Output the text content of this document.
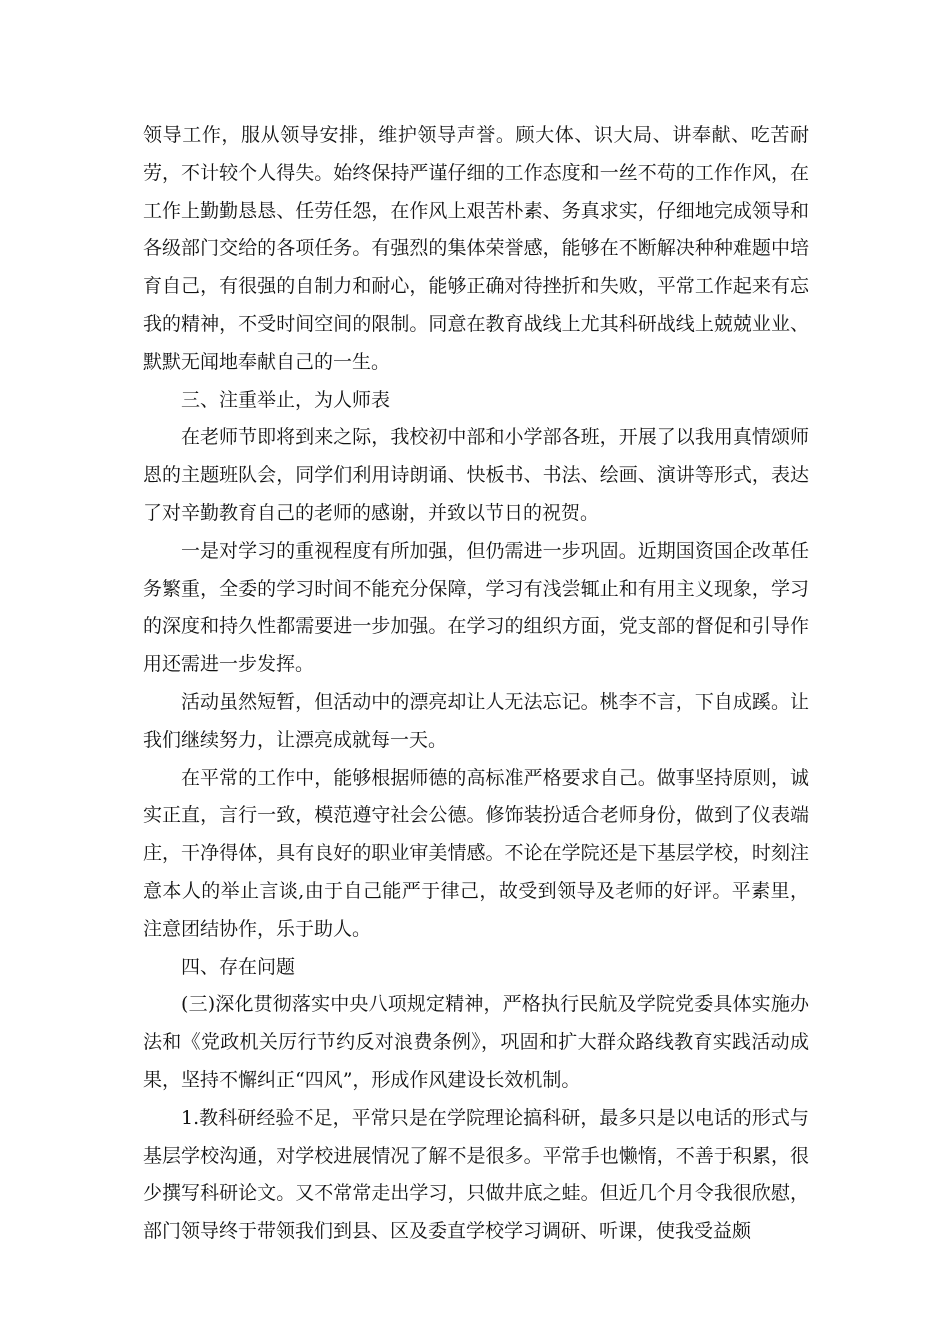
领导工作，服从领导安排，维护领导声誉。顾大体、识大局、讲奉献、吃苦耐劳，不计较个人得失。始终保持严谨仔细的工作态度和一丝不苟的工作作风，在工作上勤勤恳恳、任劳任怨，在作风上艰苦朴素、务真求实，仔细地完成领导和各级部门交给的各项任务。有强烈的集体荣誉感，能够在不断解决种种难题中培育自己，有很强的自制力和耐心，能够正确对待挫折和失败，平常工作起来有忘我的精神，不受时间空间的限制。同意在教育战线上尤其科研战线上兢兢业业、默默无闻地奉献自己的一生。

三、注重举止，为人师表

在老师节即将到来之际，我校初中部和小学部各班，开展了以我用真情颂师恩的主题班队会，同学们利用诗朗诵、快板书、书法、绘画、演讲等形式，表达了对辛勤教育自己的老师的感谢，并致以节日的祝贺。

一是对学习的重视程度有所加强，但仍需进一步巩固。近期国资国企改革任务繁重，全委的学习时间不能充分保障，学习有浅尝辄止和有用主义现象，学习的深度和持久性都需要进一步加强。在学习的组织方面，党支部的督促和引导作用还需进一步发挥。

活动虽然短暂，但活动中的漂亮却让人无法忘记。桃李不言，下自成蹊。让我们继续努力，让漂亮成就每一天。

在平常的工作中，能够根据师德的高标准严格要求自己。做事坚持原则，诚实正直，言行一致，模范遵守社会公德。修饰装扮适合老师身份，做到了仪表端庄，干净得体，具有良好的职业审美情感。不论在学院还是下基层学校，时刻注意本人的举止言谈,由于自己能严于律己，故受到领导及老师的好评。平素里，注意团结协作，乐于助人。

四、存在问题

(三)深化贯彻落实中央八项规定精神，严格执行民航及学院党委具体实施办法和《党政机关厉行节约反对浪费条例》，巩固和扩大群众路线教育实践活动成果，坚持不懈纠正“四风”，形成作风建设长效机制。

1.教科研经验不足，平常只是在学院理论搞科研，最多只是以电话的形式与基层学校沟通，对学校进展情况了解不是很多。平常手也懒惰，不善于积累，很少撰写科研论文。又不常常走出学习，只做井底之蛙。但近几个月令我很欣慰，部门领导终于带领我们到县、区及委直学校学习调研、听课，使我受益颇
